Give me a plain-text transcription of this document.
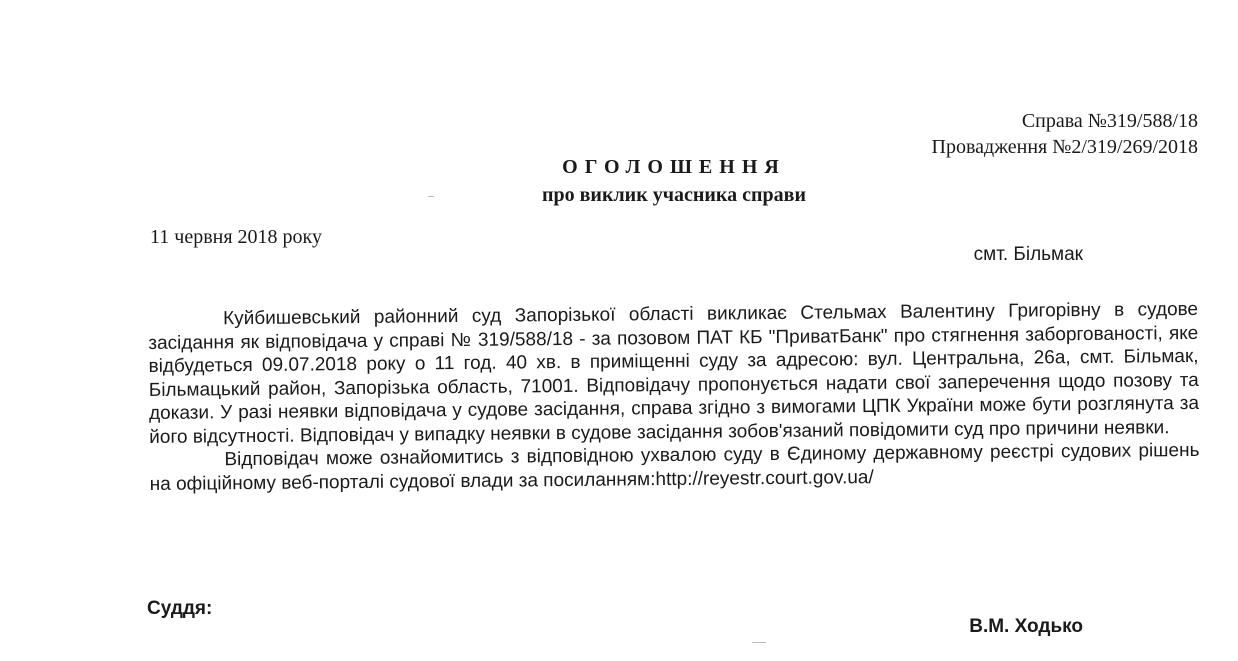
Справа №319/588/18
Провадження №2/319/269/2018
ОГОЛОШЕННЯ
про виклик учасника справи
11 червня 2018 року
смт. Більмак

Куйбишевський районний суд Запорізької області викликає Стельмах Валентину Григорівну в судове засідання як відповідача у справі № 319/588/18 - за позовом ПАТ КБ "ПриватБанк" про стягнення заборгованості, яке відбудеться 09.07.2018 року о 11 год. 40 хв. в приміщенні суду за адресою: вул. Центральна, 26а, смт. Більмак, Більмацький район, Запорізька область, 71001. Відповідачу пропонується надати свої заперечення щодо позову та докази. У разі неявки відповідача у судове засідання, справа згідно з вимогами ЦПК України може бути розглянута за його відсутності. Відповідач у випадку неявки в судове засідання зобов'язаний повідомити суд про причини неявки.

Відповідач може ознайомитись з відповідною ухвалою суду в Єдиному державному реєстрі судових рішень на офіційному веб-порталі судової влади за посиланням:http://reyestr.court.gov.ua/

Суддя:
В.М. Ходько
